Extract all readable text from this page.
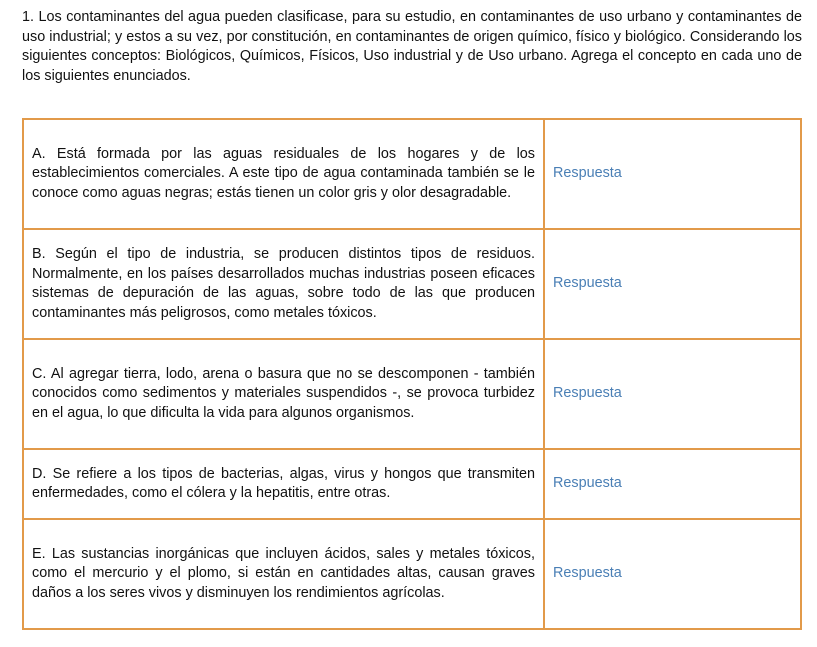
1. Los contaminantes del agua pueden clasificase, para su estudio, en contaminantes de uso urbano y contaminantes de uso industrial; y estos a su vez, por constitución, en contaminantes de origen químico, físico y biológico. Considerando los siguientes conceptos: Biológicos, Químicos, Físicos, Uso industrial y de Uso urbano. Agrega el concepto en cada uno de los siguientes enunciados.

A. Está formada por las aguas residuales de los hogares y de los establecimientos comerciales. A este tipo de agua contaminada también se le conoce como aguas negras; estás tienen un color gris y olor desagradable.	Respuesta
B. Según el tipo de industria, se producen distintos tipos de residuos. Normalmente, en los países desarrollados muchas industrias poseen eficaces sistemas de depuración de las aguas, sobre todo de las que producen contaminantes más peligrosos, como metales tóxicos.	Respuesta
C. Al agregar tierra, lodo, arena o basura que no se descomponen - también conocidos como sedimentos y materiales suspendidos -, se provoca turbidez en el agua, lo que dificulta la vida para algunos organismos.	Respuesta
D. Se refiere a los tipos de bacterias, algas, virus y hongos que transmiten enfermedades, como el cólera y la hepatitis, entre otras.	Respuesta
E. Las sustancias inorgánicas que incluyen ácidos, sales y metales tóxicos, como el mercurio y el plomo, si están en cantidades altas, causan graves daños a los seres vivos y disminuyen los rendimientos agrícolas.	Respuesta
